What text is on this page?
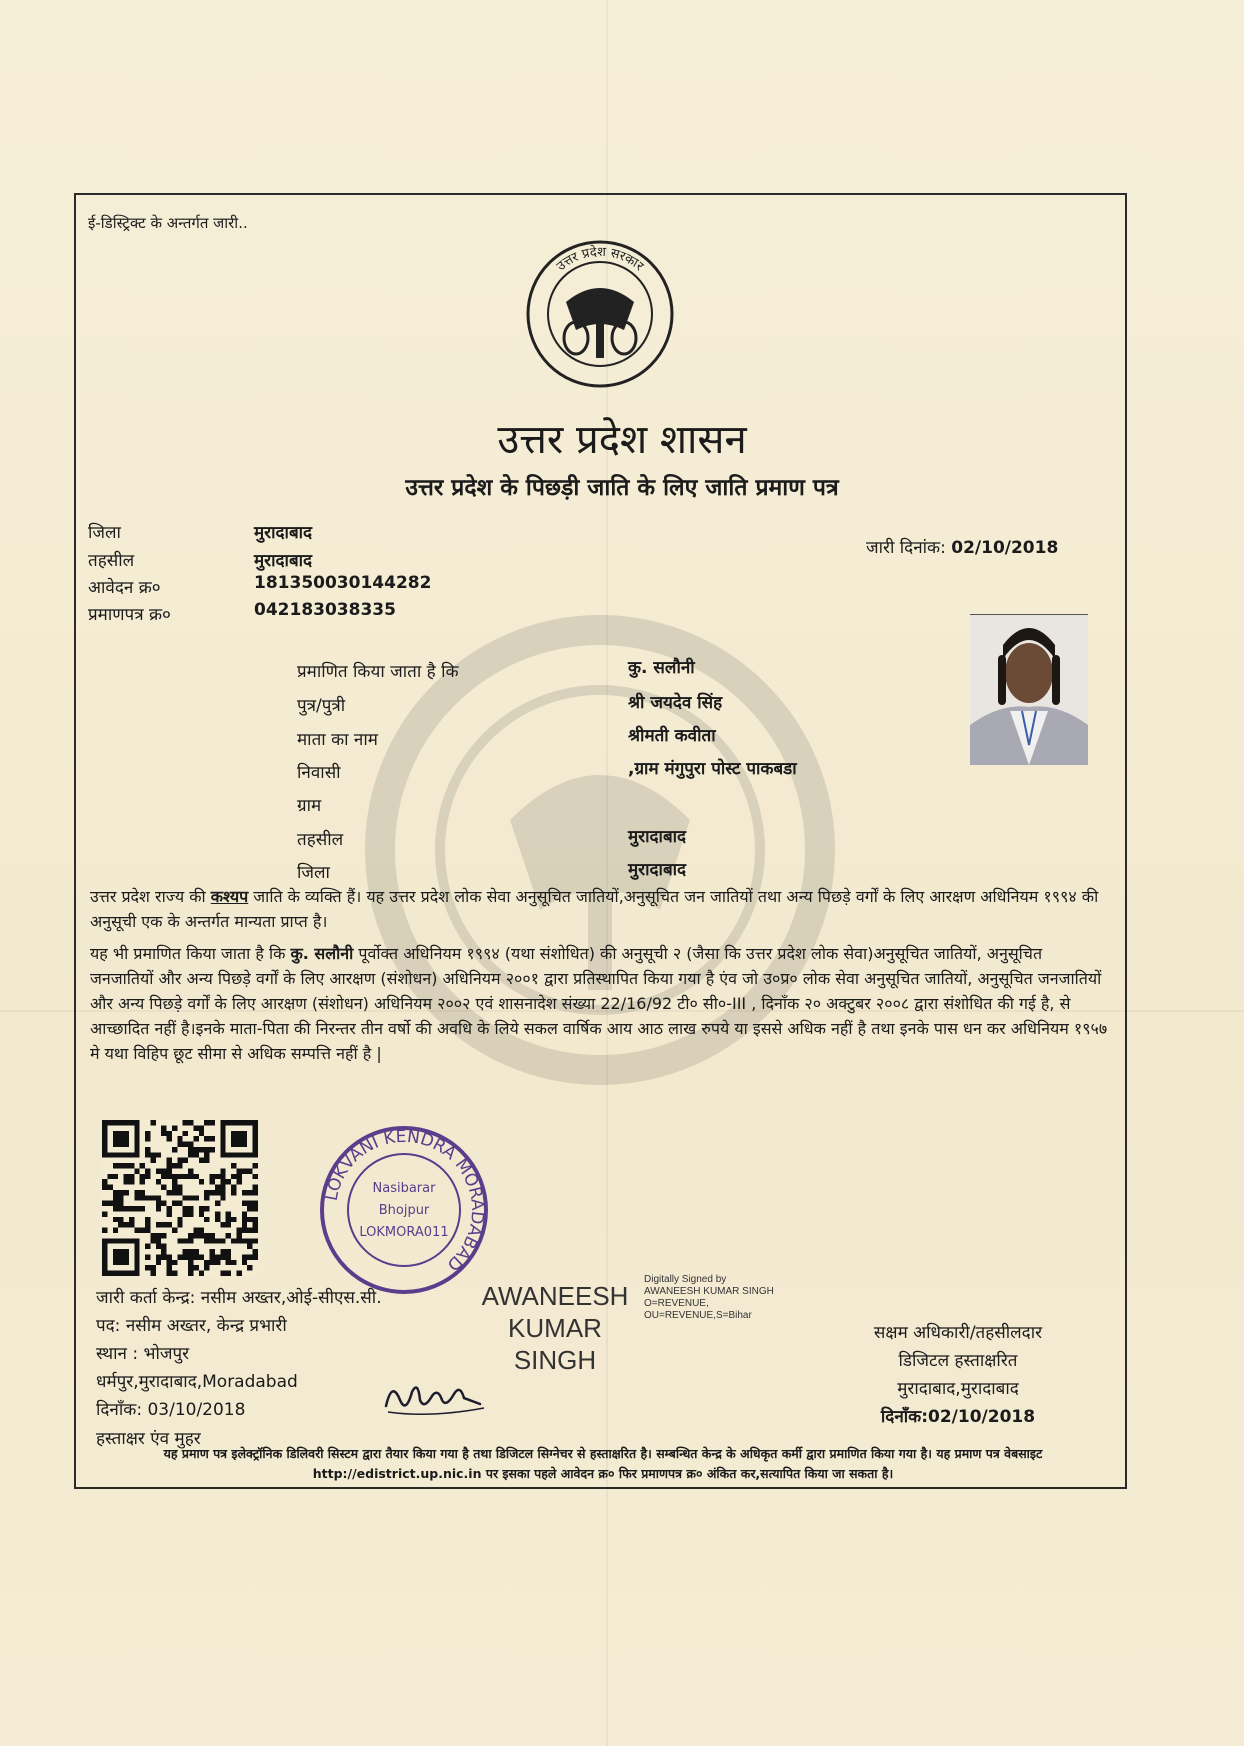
ई-डिस्ट्रिक्ट के अन्तर्गत जारी..
उत्तर प्रदेश सरकार
उत्तर प्रदेश शासन
उत्तर प्रदेश के पिछड़ी जाति के लिए जाति प्रमाण पत्र
जिला	मुरादाबाद
तहसील	मुरादाबाद
आवेदन क्र०	181350030144282
प्रमाणपत्र क्र०	042183038335
जारी दिनांक: 02/10/2018
प्रमाणित किया जाता है कि	कु. सलौनी
पुत्र/पुत्री	श्री जयदेव सिंह
माता का नाम	श्रीमती कवीता
निवासी	,ग्राम मंगुपुरा पोस्ट पाकबडा
ग्राम
तहसील	मुरादाबाद
जिला	मुरादाबाद
उत्तर प्रदेश राज्य की कश्यप जाति के व्यक्ति हैं। यह उत्तर प्रदेश लोक सेवा अनुसूचित जातियों,अनुसूचित जन जातियों तथा अन्य पिछड़े वर्गों के लिए आरक्षण अधिनियम १९९४ की अनुसूची एक के अन्तर्गत मान्यता प्राप्त है।
यह भी प्रमाणित किया जाता है कि कु. सलौनी पूर्वोक्त अधिनियम १९९४ (यथा संशोधित) की अनुसूची २ (जैसा कि उत्तर प्रदेश लोक सेवा)अनुसूचित जातियों, अनुसूचित जनजातियों और अन्य पिछड़े वर्गों के लिए आरक्षण (संशोधन) अधिनियम २००१ द्वारा प्रतिस्थापित किया गया है एंव जो उ०प्र० लोक सेवा अनुसूचित जातियों, अनुसूचित जनजातियों और अन्य पिछड़े वर्गों के लिए आरक्षण (संशोधन) अधिनियम २००२ एवं शासनादेश संख्या 22/16/92 टी० सी०-III , दिनाँक २० अक्टुबर २००८ द्वारा संशोधित की गई है, से आच्छादित नहीं है।इनके माता-पिता की निरन्तर तीन वर्षो की अवधि के लिये सकल वार्षिक आय आठ लाख रुपये या इससे अधिक नहीं है तथा इनके पास धन कर अधिनियम १९५७ मे यथा विहिप छूट सीमा से अधिक सम्पत्ति नहीं है |
LOKVANI KENDRA MORADABAD
Nasibarar
Bhojpur
LOKMORA011
AWANEESH KUMAR SINGH
Digitally Signed by AWANEESH KUMAR SINGH O=REVENUE, OU=REVENUE,S=Bihar
जारी कर्ता केन्द्र: नसीम अख्तर,ओई-सीएस.सी.
पद: नसीम अख्तर, केन्द्र प्रभारी
स्थान : भोजपुर
धर्मपुर,मुरादाबाद,Moradabad
दिनाँक: 03/10/2018
हस्ताक्षर एंव मुहर
सक्षम अधिकारी/तहसीलदार
डिजिटल हस्ताक्षरित
मुरादाबाद,मुरादाबाद
दिनाँक:02/10/2018
यह प्रमाण पत्र इलेक्ट्रॉनिक डिलिवरी सिस्टम द्वारा तैयार किया गया है तथा डिजिटल सिग्नेचर से हस्ताक्षरित है। सम्बन्धित केन्द्र के अधिकृत कर्मी द्वारा प्रमाणित किया गया है। यह प्रमाण पत्र वेबसाइट http://edistrict.up.nic.in पर इसका पहले आवेदन क्र० फिर प्रमाणपत्र क्र० अंकित कर,सत्यापित किया जा सकता है।
